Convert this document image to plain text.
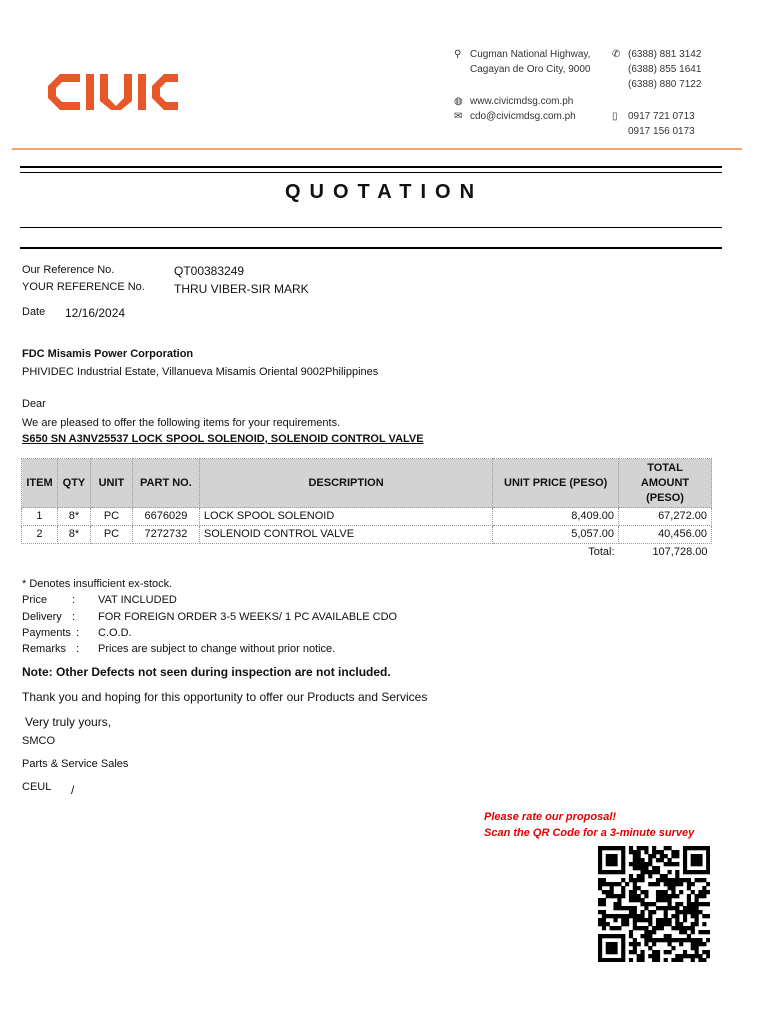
⚲ Cugman National Highway,
Cagayan de Oro City, 9000
◍ www.civicmdsg.com.ph
✉ cdo@civicmdsg.com.ph
✆ (6388) 881 3142
(6388) 855 1641
(6388) 880 7122
▯	0917 721 0713
0917 156 0173
QUOTATION
Our Reference No.	QT00383249
YOUR REFERENCE No. THRU VIBER-SIR MARK
Date 12/16/2024
FDC Misamis Power Corporation
PHIVIDEC Industrial Estate, Villanueva Misamis Oriental 9002Philippines
Dear
We are pleased to offer the following items for your requirements.
S650 SN A3NV25537 LOCK SPOOL SOLENOID, SOLENOID CONTROL VALVE
ITEM	QTY	UNIT	PART NO.	DESCRIPTION	UNIT PRICE (PESO)	TOTAL AMOUNT (PESO)
1	8*	PC	6676029	LOCK SPOOL SOLENOID	8,409.00	67,272.00
2	8*	PC	7272732	SOLENOID CONTROL VALVE	5,057.00	40,456.00
					Total:	107,728.00
* Denotes insufficient ex-stock.
Price : VAT INCLUDED
Delivery : FOR FOREIGN ORDER 3-5 WEEKS/ 1 PC AVAILABLE CDO
Payments : C.O.D.
Remarks : Prices are subject to change without prior notice.
Note: Other Defects not seen during inspection are not included.
Thank you and hoping for this opportunity to offer our Products and Services
Very truly yours,
SMCO
Parts & Service Sales
CEUL /
Please rate our proposal!
Scan the QR Code for a 3-minute survey
